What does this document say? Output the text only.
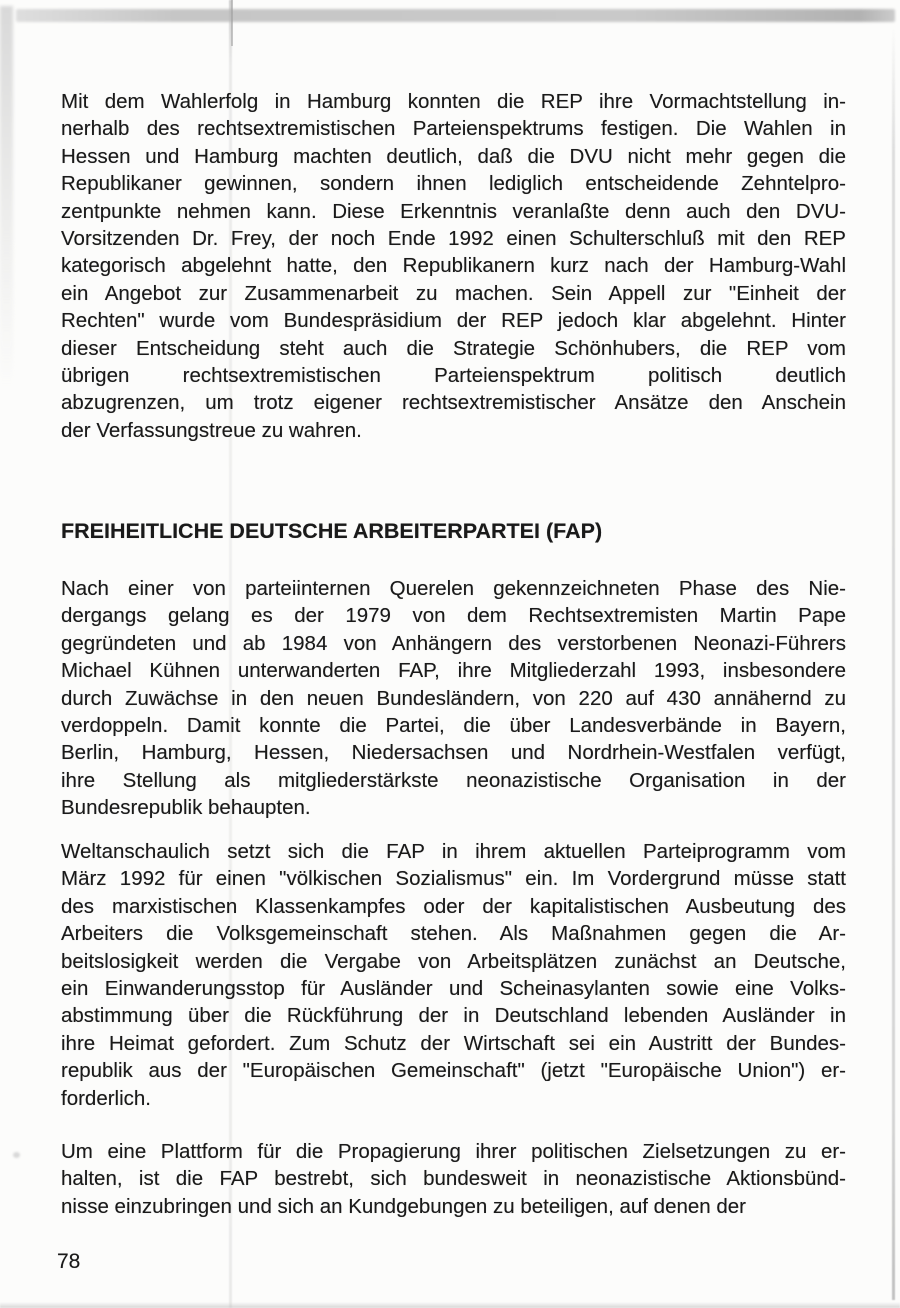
Mit dem Wahlerfolg in Hamburg konnten die REP ihre Vormachtstellung in-
nerhalb des rechtsextremistischen Parteienspektrums festigen. Die Wahlen in
Hessen und Hamburg machten deutlich, daß die DVU nicht mehr gegen die
Republikaner gewinnen, sondern ihnen lediglich entscheidende Zehntelpro-
zentpunkte nehmen kann. Diese Erkenntnis veranlaßte denn auch den DVU-
Vorsitzenden Dr. Frey, der noch Ende 1992 einen Schulterschluß mit den REP
kategorisch abgelehnt hatte, den Republikanern kurz nach der Hamburg-Wahl
ein Angebot zur Zusammenarbeit zu machen. Sein Appell zur "Einheit der
Rechten" wurde vom Bundespräsidium der REP jedoch klar abgelehnt. Hinter
dieser Entscheidung steht auch die Strategie Schönhubers, die REP vom
übrigen rechtsextremistischen Parteienspektrum politisch deutlich
abzugrenzen, um trotz eigener rechtsextremistischer Ansätze den Anschein
der Verfassungstreue zu wahren.
FREIHEITLICHE DEUTSCHE ARBEITERPARTEI (FAP)
Nach einer von parteiinternen Querelen gekennzeichneten Phase des Nie-
dergangs gelang es der 1979 von dem Rechtsextremisten Martin Pape
gegründeten und ab 1984 von Anhängern des verstorbenen Neonazi-Führers
Michael Kühnen unterwanderten FAP, ihre Mitgliederzahl 1993, insbesondere
durch Zuwächse in den neuen Bundesländern, von 220 auf 430 annähernd zu
verdoppeln. Damit konnte die Partei, die über Landesverbände in Bayern,
Berlin, Hamburg, Hessen, Niedersachsen und Nordrhein-Westfalen verfügt,
ihre Stellung als mitgliederstärkste neonazistische Organisation in der
Bundesrepublik behaupten.
Weltanschaulich setzt sich die FAP in ihrem aktuellen Parteiprogramm vom
März 1992 für einen "völkischen Sozialismus" ein. Im Vordergrund müsse statt
des marxistischen Klassenkampfes oder der kapitalistischen Ausbeutung des
Arbeiters die Volksgemeinschaft stehen. Als Maßnahmen gegen die Ar-
beitslosigkeit werden die Vergabe von Arbeitsplätzen zunächst an Deutsche,
ein Einwanderungsstop für Ausländer und Scheinasylanten sowie eine Volks-
abstimmung über die Rückführung der in Deutschland lebenden Ausländer in
ihre Heimat gefordert. Zum Schutz der Wirtschaft sei ein Austritt der Bundes-
republik aus der "Europäischen Gemeinschaft" (jetzt "Europäische Union") er-
forderlich.
Um eine Plattform für die Propagierung ihrer politischen Zielsetzungen zu er-
halten, ist die FAP bestrebt, sich bundesweit in neonazistische Aktionsbünd-
nisse einzubringen und sich an Kundgebungen zu beteiligen, auf denen der
78
